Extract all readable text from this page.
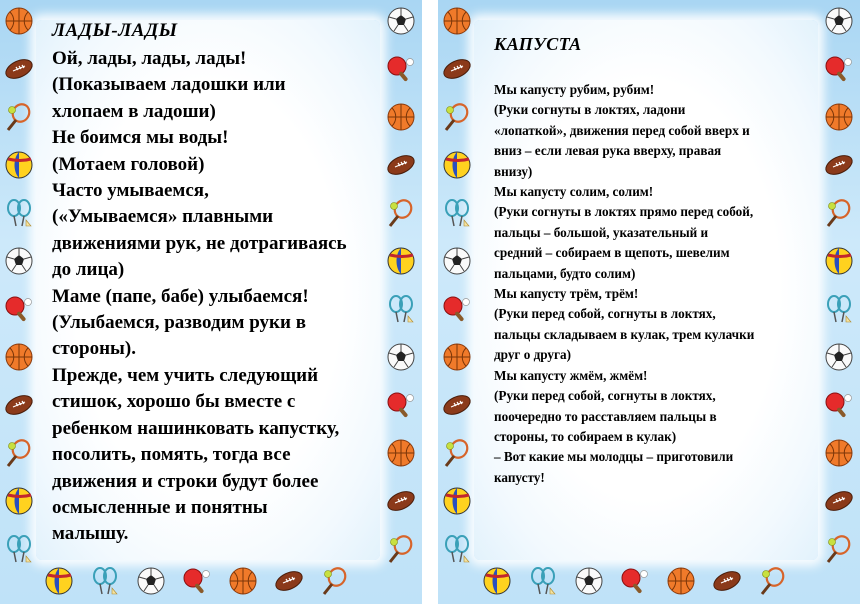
ЛАДЫ-ЛАДЫ
Ой, лады, лады, лады!
(Показываем ладошки или
хлопаем в ладоши)
Не боимся мы воды!
(Мотаем головой)
Часто умываемся,
(«Умываемся» плавными
движениями рук, не дотрагиваясь
до лица)
Маме (папе, бабе) улыбаемся!
(Улыбаемся, разводим руки в
стороны).
Прежде, чем учить следующий
стишок, хорошо бы вместе с
ребенком нашинковать капустку,
посолить, помять, тогда все
движения и строки будут более
осмысленные и понятны
малышу.
КАПУСТА
Мы капусту рубим, рубим!
(Руки согнуты в локтях, ладони
«лопаткой», движения перед собой вверх и
вниз – если левая рука вверху, правая
внизу)
Мы капусту солим, солим!
(Руки согнуты в локтях прямо перед собой,
пальцы – большой, указательный и
средний – собираем в щепоть, шевелим
пальцами, будто солим)
Мы капусту трём, трём!
(Руки перед собой, согнуты в локтях,
пальцы складываем в кулак, трем кулачки
друг о друга)
Мы капусту жмём, жмём!
(Руки перед собой, согнуты в локтях,
поочередно то расставляем пальцы в
стороны, то собираем в кулак)
– Вот какие мы молодцы – приготовили
капусту!
